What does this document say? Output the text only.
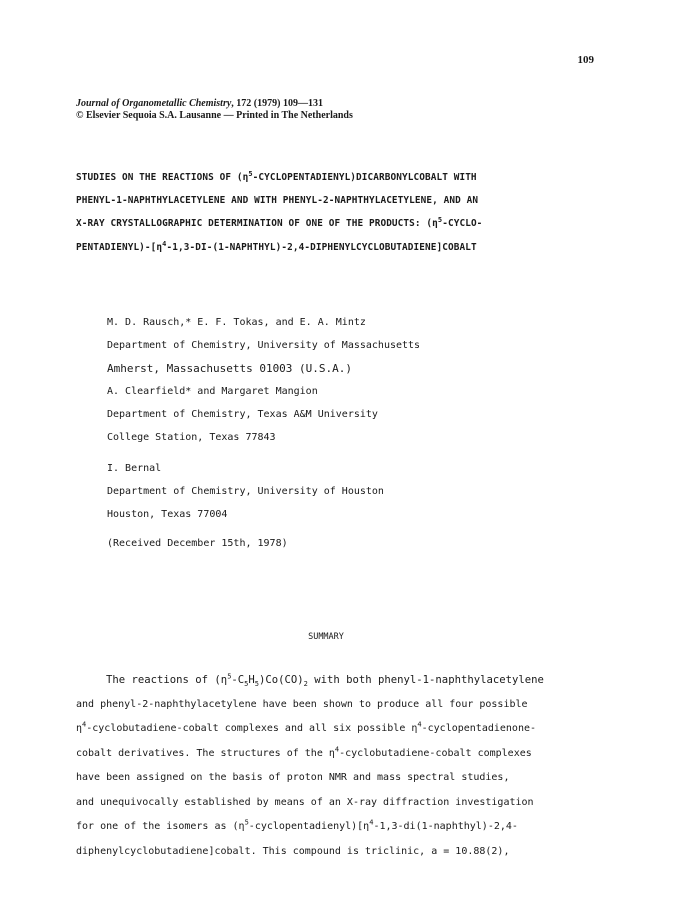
109
Journal of Organometallic Chemistry, 172 (1979) 109—131
© Elsevier Sequoia S.A. Lausanne — Printed in The Netherlands
STUDIES ON THE REACTIONS OF $(\eta^5-CYCLOPENTADIENYL)DICARBONYLCOBALT$ WITH
PHENYL-1-NAPHTHYLACETYLENE AND WITH PHENYL-2-NAPHTHYLACETYLENE, AND AN
X-RAY CRYSTALLOGRAPHIC DETERMINATION OF ONE OF THE PRODUCTS: ($\eta^5-CYCLO-$
$PENTADIENYL)-[\eta^4-1,3-DI-(1-NAPHTHYL)-2,4-DIPHENYLCYCLOBUTADIENE]COBALT$
M. D. Rausch,* E. F. Tokas, and E. A. Mintz
Department of Chemistry, University of Massachusetts
Amherst, Massachusetts 01003 (U.S.A.)
A. Clearfield* and Margaret Mangion
Department of Chemistry, Texas A&M University
College Station, Texas 77843
I. Bernal
Department of Chemistry, University of Houston
Houston, Texas 77004
(Received December 15th, 1978)
SUMMARY
The reactions of $(\eta^5-C_5H_5)Co(CO)_2$ with both phenyl-1-naphthylacetylene
and phenyl-2-naphthylacetylene have been shown to produce all four possible
$\eta^4-cyclobutadiene$-cobalt complexes and all six possible $\eta^4-cyclopentadienone-$
cobalt derivatives. The structures of the $\eta^4-cyclobutadiene$-cobalt complexes
have been assigned on the basis of proton NMR and mass spectral studies,
and unequivocally established by means of an X-ray diffraction investigation
for one of the isomers as $(\eta^5-cyclopentadienyl)[\eta^4-1,3-di(1-naphthyl)-2,4-$
diphenylcyclobutadiene]cobalt. This compound is triclinic, a = 10.88(2),
